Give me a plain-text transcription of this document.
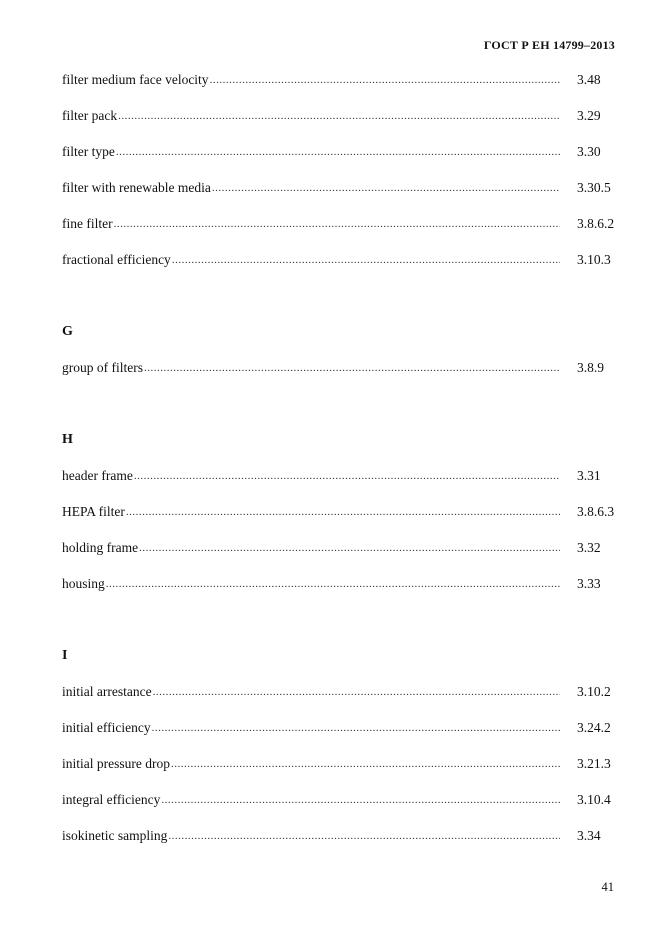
ГОСТ Р ЕН 14799–2013
filter medium face velocity .....	3.48
filter pack .....	3.29
filter type .....	3.30
filter with renewable media .....	3.30.5
fine filter .....	3.8.6.2
fractional efficiency .....	3.10.3
G
group of filters .....	3.8.9
H
header frame .....	3.31
HEPA filter .....	3.8.6.3
holding frame .....	3.32
housing .....	3.33
I
initial arrestance .....	3.10.2
initial efficiency .....	3.24.2
initial pressure drop .....	3.21.3
integral efficiency .....	3.10.4
isokinetic sampling .....	3.34
41
